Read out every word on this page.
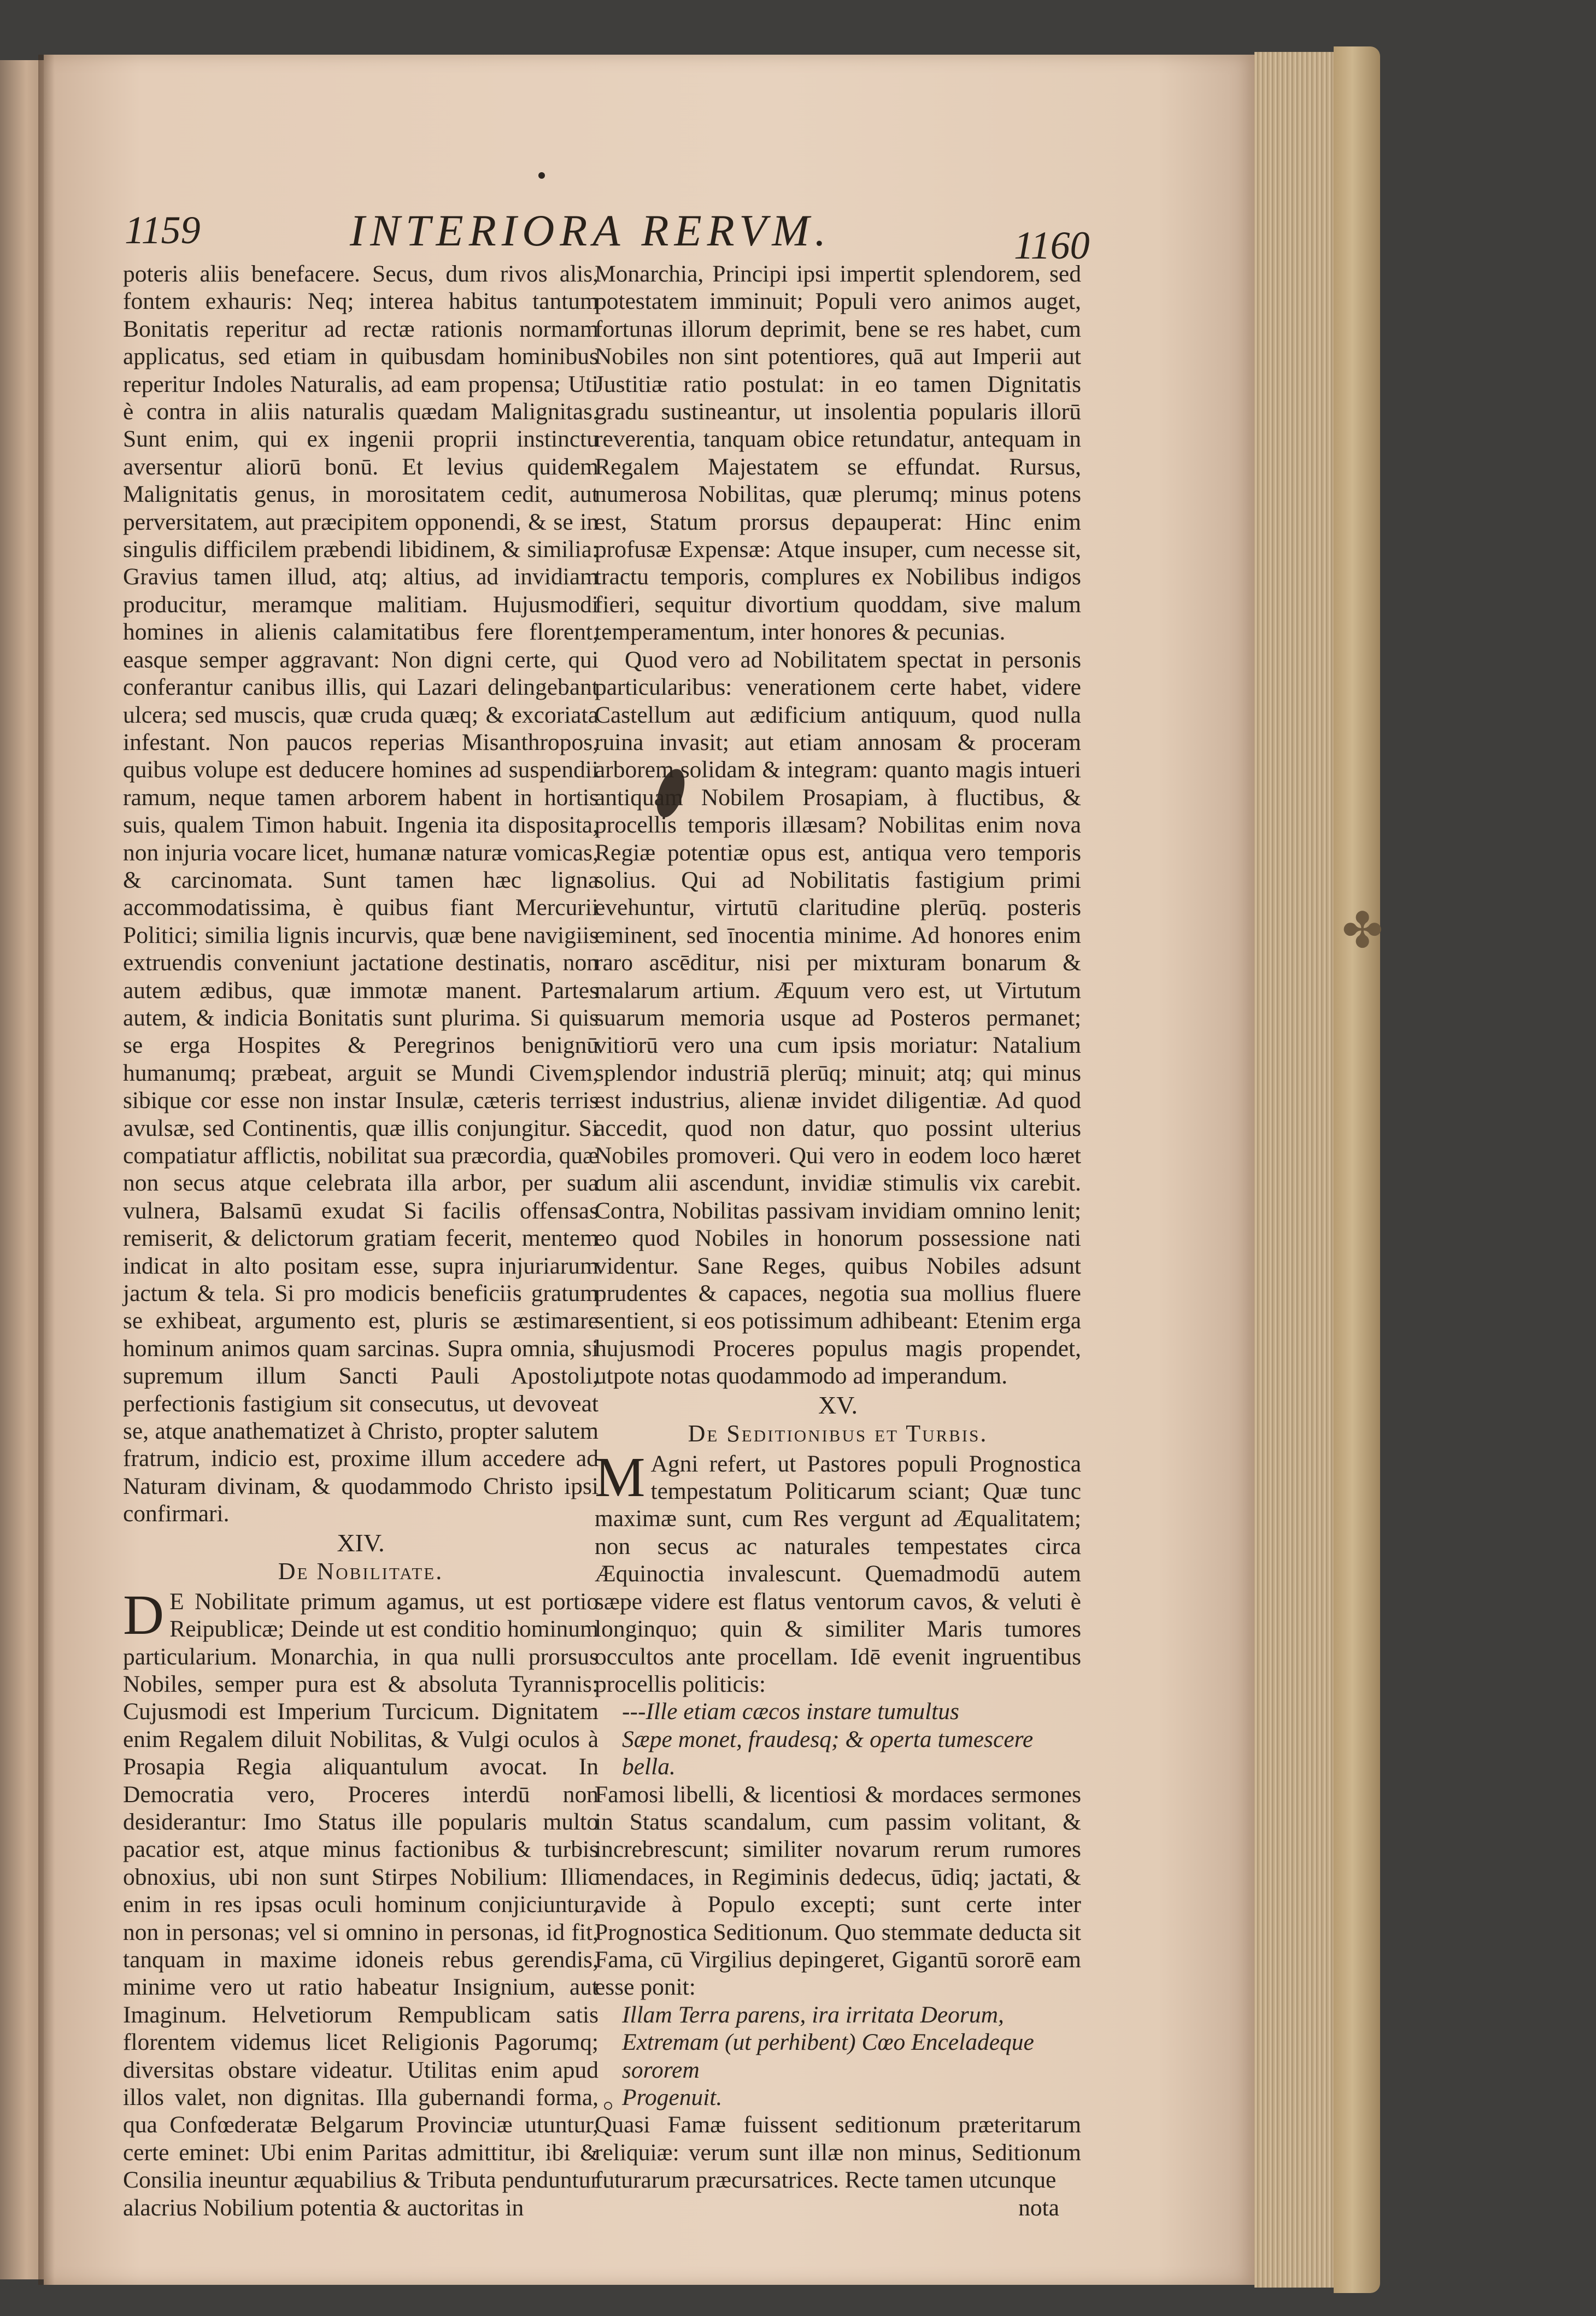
✤
1159	INTERIORA RERVM.	1160

poteris aliis benefacere. Secus, dum rivos alis, fontem exhauris: Neq; interea habitus tantum Bonitatis reperitur ad rectæ rationis normam applicatus, sed etiam in quibusdam hominibus reperitur Indoles Naturalis, ad eam propensa; Uti è contra in aliis naturalis quædam Malignitas. Sunt enim, qui ex ingenii proprii instinctu aversentur aliorū bonū. Et levius quidem Malignitatis genus, in morositatem cedit, aut perversitatem, aut præcipitem opponendi, & se in singulis difficilem præbendi libidinem, & similia: Gravius tamen illud, atq; altius, ad invidiam producitur, meramque malitiam. Hujusmodi homines in alienis calamitatibus fere florent, easque semper aggravant: Non digni certe, qui conferantur canibus illis, qui Lazari delingebant ulcera; sed muscis, quæ cruda quæq; & excoriata infestant. Non paucos reperias Misanthropos, quibus volupe est deducere homines ad suspendii ramum, neque tamen arborem habent in hortis suis, qualem Timon habuit. Ingenia ita disposita, non injuria vocare licet, humanæ naturæ vomicas, & carcinomata. Sunt tamen hæc ligna accommodatissima, è quibus fiant Mercurii Politici; similia lignis incurvis, quæ bene navigiis extruendis conveniunt jactatione destinatis, non autem ædibus, quæ immotæ manent. Partes autem, & indicia Bonitatis sunt plurima. Si quis se erga Hospites & Peregrinos benignū humanumq; præbeat, arguit se Mundi Civem, sibique cor esse non instar Insulæ, cæteris terris avulsæ, sed Continentis, quæ illis conjungitur. Si compatiatur afflictis, nobilitat sua præcordia, quæ non secus atque celebrata illa arbor, per sua vulnera, Balsamū exudat Si facilis offensas remiserit, & delictorum gratiam fecerit, mentem indicat in alto positam esse, supra injuriarum jactum & tela. Si pro modicis beneficiis gratum se exhibeat, argumento est, pluris se æstimare hominum animos quam sarcinas. Supra omnia, si supremum illum Sancti Pauli Apostoli, perfectionis fastigium sit consecutus, ut devoveat se, atque anathematizet à Christo, propter salutem fratrum, indicio est, proxime illum accedere ad Naturam divinam, & quodammodo Christo ipsi confirmari.

XIV.
De Nobilitate.

D E Nobilitate primum agamus, ut est portio Reipublicæ; Deinde ut est conditio hominum particularium. Monarchia, in qua nulli prorsus Nobiles, semper pura est & absoluta Tyrannis: Cujusmodi est Imperium Turcicum. Dignitatem enim Regalem diluit Nobilitas, & Vulgi oculos à Prosapia Regia aliquantulum avocat. In Democratia vero, Proceres interdū non desiderantur: Imo Status ille popularis multo pacatior est, atque minus factionibus & turbis obnoxius, ubi non sunt Stirpes Nobilium: Illic enim in res ipsas oculi hominum conjiciuntur, non in personas; vel si omnino in personas, id fit, tanquam in maxime idoneis rebus gerendis, minime vero ut ratio habeatur Insignium, aut Imaginum. Helvetiorum Rempublicam satis florentem videmus licet Religionis Pagorumq; diversitas obstare videatur. Utilitas enim apud illos valet, non dignitas. Illa gubernandi forma, qua Confœderatæ Belgarum Provinciæ utuntur, certe eminet: Ubi enim Paritas admittitur, ibi & Consilia ineuntur æquabilius & Tributa penduntur alacrius Nobilium potentia & auctoritas in

Monarchia, Principi ipsi impertit splendorem, sed potestatem imminuit; Populi vero animos auget, fortunas illorum deprimit, bene se res habet, cum Nobiles non sint potentiores, quā aut Imperii aut Justitiæ ratio postulat: in eo tamen Dignitatis gradu sustineantur, ut insolentia popularis illorū reverentia, tanquam obice retundatur, antequam in Regalem Majestatem se effundat. Rursus, numerosa Nobilitas, quæ plerumq; minus potens est, Statum prorsus depauperat: Hinc enim profusæ Expensæ: Atque insuper, cum necesse sit, tractu temporis, complures ex Nobilibus indigos fieri, sequitur divortium quoddam, sive malum temperamentum, inter honores & pecunias.

Quod vero ad Nobilitatem spectat in personis particularibus: venerationem certe habet, videre Castellum aut ædificium antiquum, quod nulla ruina invasit; aut etiam annosam & proceram arborem solidam & integram: quanto magis intueri antiquam Nobilem Prosapiam, à fluctibus, & procellis temporis illæsam? Nobilitas enim nova Regiæ potentiæ opus est, antiqua vero temporis solius. Qui ad Nobilitatis fastigium primi evehuntur, virtutū claritudine plerūq. posteris eminent, sed īnocentia minime. Ad honores enim raro ascēditur, nisi per mixturam bonarum & malarum artium. Æquum vero est, ut Virtutum suarum memoria usque ad Posteros permanet; vitiorū vero una cum ipsis moriatur: Natalium splendor industriā plerūq; minuit; atq; qui minus est industrius, alienæ invidet diligentiæ. Ad quod accedit, quod non datur, quo possint ulterius Nobiles promoveri. Qui vero in eodem loco hæret dum alii ascendunt, invidiæ stimulis vix carebit. Contra, Nobilitas passivam invidiam omnino lenit; eo quod Nobiles in honorum possessione nati videntur. Sane Reges, quibus Nobiles adsunt prudentes & capaces, negotia sua mollius fluere sentient, si eos potissimum adhibeant: Etenim erga hujusmodi Proceres populus magis propendet, utpote notas quodammodo ad imperandum.

XV.
De Seditionibus et Turbis.

M Agni refert, ut Pastores populi Prognostica tempestatum Politicarum sciant; Quæ tunc maximæ sunt, cum Res vergunt ad Æqualitatem; non secus ac naturales tempestates circa Æquinoctia invalescunt. Quemadmodū autem sæpe videre est flatus ventorum cavos, & veluti è longinquo; quin & similiter Maris tumores occultos ante procellam. Idē evenit ingruentibus procellis politicis:

---Ille etiam cæcos instare tumultus
Sæpe monet, fraudesq; & operta tumescere bella.

Famosi libelli, & licentiosi & mordaces sermones in Status scandalum, cum passim volitant, & increbrescunt; similiter novarum rerum rumores mendaces, in Regiminis dedecus, ūdiq; jactati, & avide à Populo excepti; sunt certe inter Prognostica Seditionum. Quo stemmate deducta sit Fama, cū Virgilius depingeret, Gigantū sororē eam esse ponit:

Illam Terra parens, ira irritata Deorum,
Extremam (ut perhibent) Cœo Enceladeque sororem
Progenuit.

Quasi Famæ fuissent seditionum præteritarum reliquiæ: verum sunt illæ non minus, Seditionum futurarum præcursatrices. Recte tamen utcunque

nota
